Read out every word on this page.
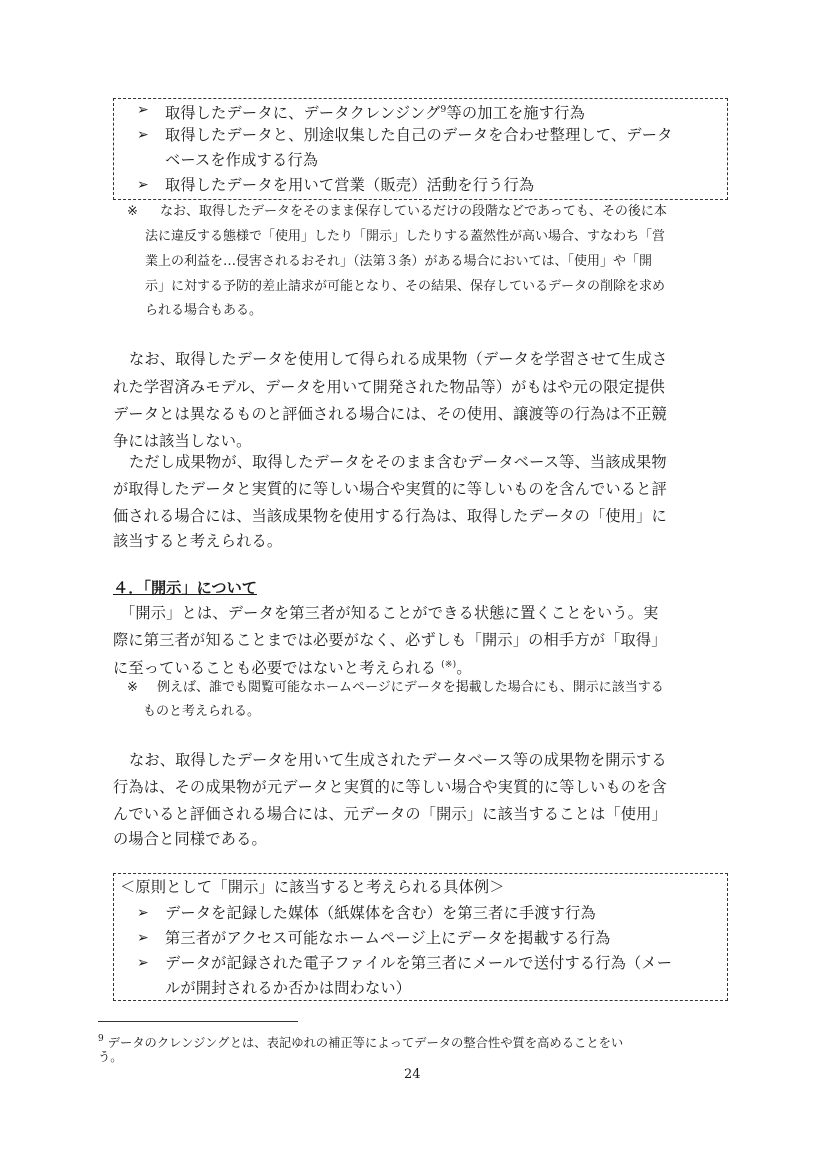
➢ 取得したデータに、データクレンジング$^9$等の加工を施す行為
➢ 取得したデータと、別途収集した自己のデータを合わせ整理して、データ
ベースを作成する行為
➢ 取得したデータを用いて営業（販売）活動を行う行為
※ なお、取得したデータをそのまま保存しているだけの段階などであっても、その後に本
法に違反する態様で「使用」したり「開示」したりする蓋然性が高い場合、すなわち「営
業上の利益を…侵害されるおそれ」（法第３条）がある場合においては、「使用」や「開
示」に対する予防的差止請求が可能となり、その結果、保存しているデータの削除を求め
られる場合もある。
なお、取得したデータを使用して得られる成果物（データを学習させて生成さ
れた学習済みモデル、データを用いて開発された物品等）がもはや元の限定提供
データとは異なるものと評価される場合には、その使用、譲渡等の行為は不正競
争には該当しない。
ただし成果物が、取得したデータをそのまま含むデータベース等、当該成果物
が取得したデータと実質的に等しい場合や実質的に等しいものを含んでいると評
価される場合には、当該成果物を使用する行為は、取得したデータの「使用」に
該当すると考えられる。
４．「開示」について
「開示」とは、データを第三者が知ることができる状態に置くことをいう。実
際に第三者が知ることまでは必要がなく、必ずしも「開示」の相手方が「取得」
に至っていることも必要ではないと考えられる (※)。
※ 例えば、誰でも閲覧可能なホームページにデータを掲載した場合にも、開示に該当する
ものと考えられる。
なお、取得したデータを用いて生成されたデータベース等の成果物を開示する
行為は、その成果物が元データと実質的に等しい場合や実質的に等しいものを含
んでいると評価される場合には、元データの「開示」に該当することは「使用」
の場合と同様である。
＜原則として「開示」に該当すると考えられる具体例＞
➢ データを記録した媒体（紙媒体を含む）を第三者に手渡す行為
➢ 第三者がアクセス可能なホームページ上にデータを掲載する行為
➢ データが記録された電子ファイルを第三者にメールで送付する行為（メー
ルが開封されるか否かは問わない）
$^9$ データのクレンジングとは、表記ゆれの補正等によってデータの整合性や質を高めることをい
う。
24
